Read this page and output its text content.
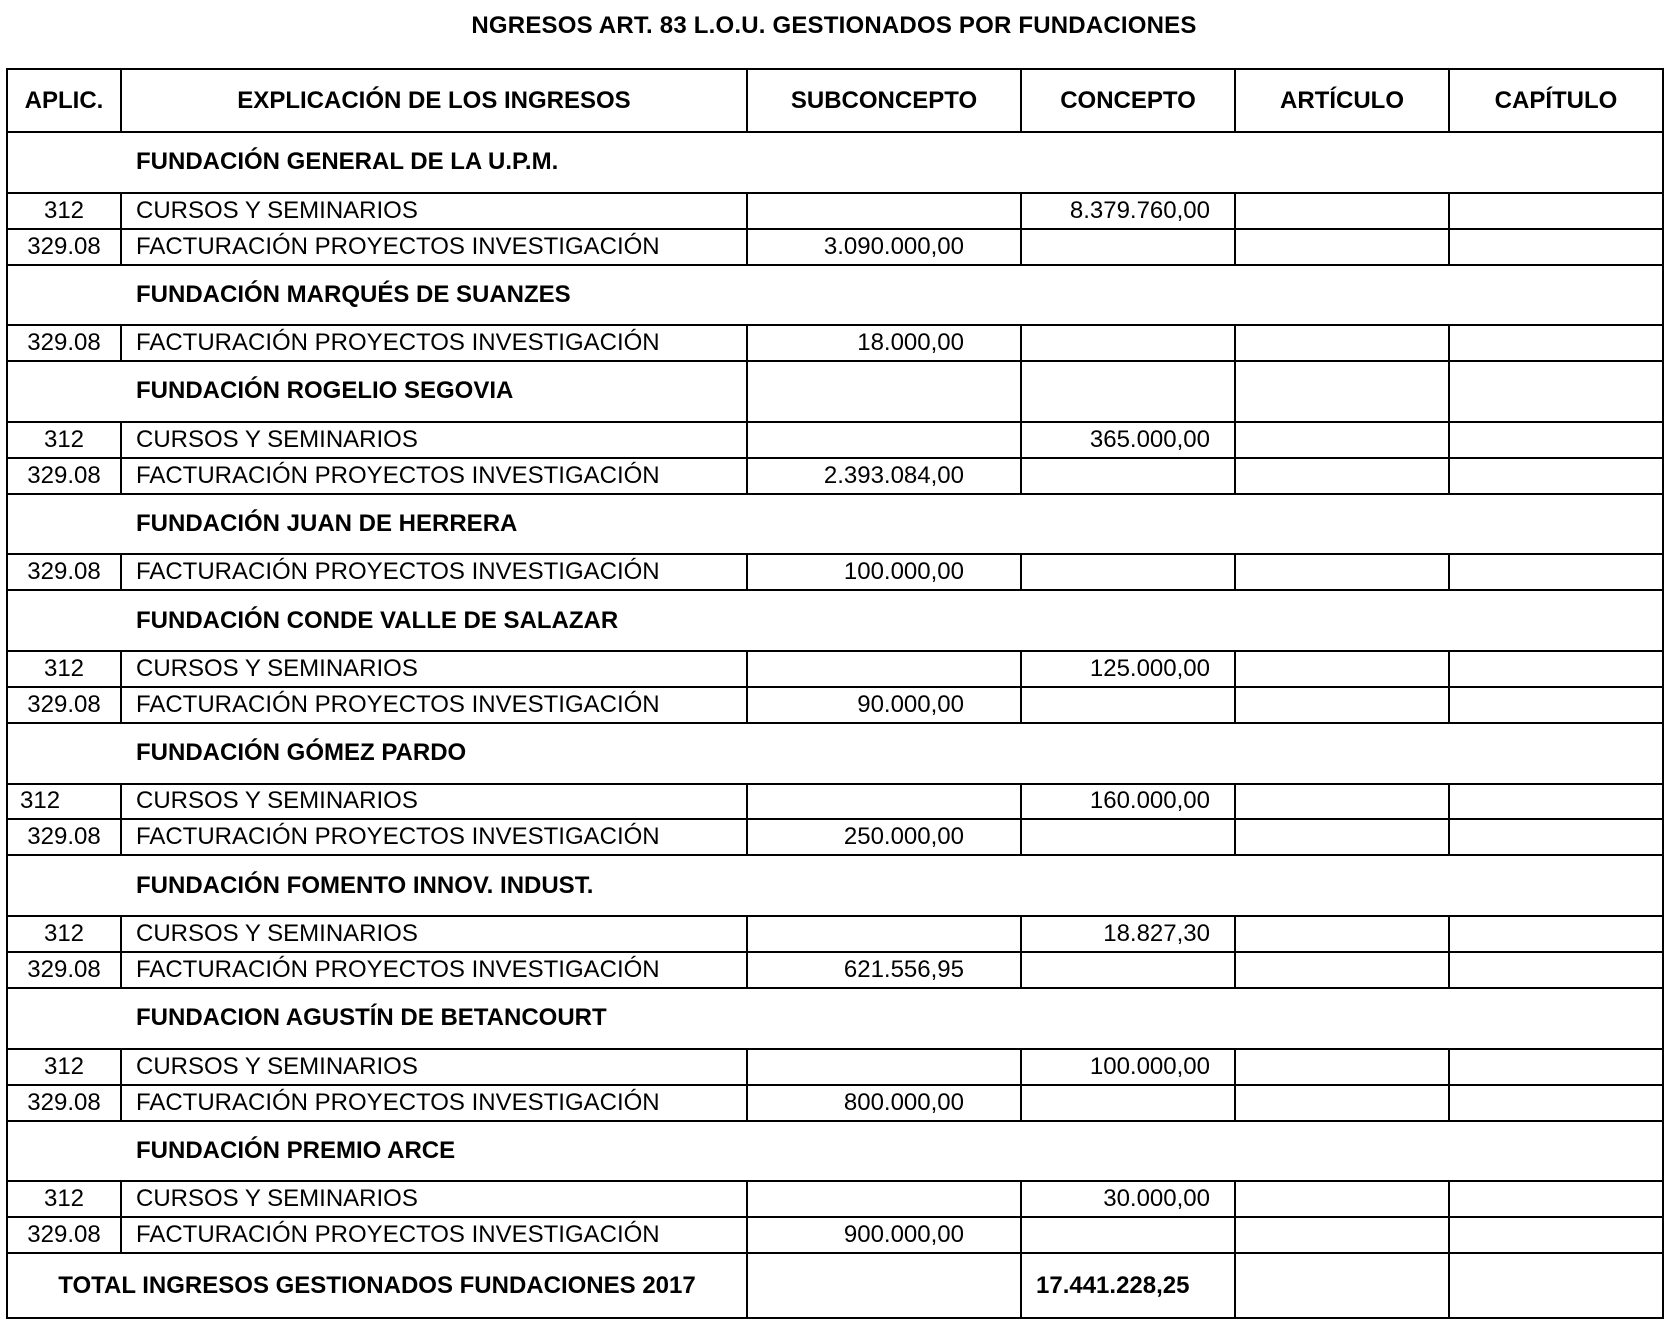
NGRESOS ART. 83 L.O.U. GESTIONADOS POR FUNDACIONES
APLIC.	EXPLICACIÓN DE LOS INGRESOS	SUBCONCEPTO	CONCEPTO	ARTÍCULO	CAPÍTULO
FUNDACIÓN GENERAL DE LA U.P.M.					
312	CURSOS Y SEMINARIOS		8.379.760,00		
329.08	FACTURACIÓN PROYECTOS INVESTIGACIÓN	3.090.000,00			
FUNDACIÓN MARQUÉS DE SUANZES					
329.08	FACTURACIÓN PROYECTOS INVESTIGACIÓN	18.000,00			
FUNDACIÓN ROGELIO SEGOVIA					
312	CURSOS Y SEMINARIOS		365.000,00		
329.08	FACTURACIÓN PROYECTOS INVESTIGACIÓN	2.393.084,00			
FUNDACIÓN JUAN DE HERRERA					
329.08	FACTURACIÓN PROYECTOS INVESTIGACIÓN	100.000,00			
FUNDACIÓN CONDE VALLE DE SALAZAR					
312	CURSOS Y SEMINARIOS		125.000,00		
329.08	FACTURACIÓN PROYECTOS INVESTIGACIÓN	90.000,00			
FUNDACIÓN GÓMEZ PARDO					
312	CURSOS Y SEMINARIOS		160.000,00		
329.08	FACTURACIÓN PROYECTOS INVESTIGACIÓN	250.000,00			
FUNDACIÓN FOMENTO INNOV. INDUST.					
312	CURSOS Y SEMINARIOS		18.827,30		
329.08	FACTURACIÓN PROYECTOS INVESTIGACIÓN	621.556,95			
FUNDACION AGUSTÍN DE BETANCOURT					
312	CURSOS Y SEMINARIOS		100.000,00		
329.08	FACTURACIÓN PROYECTOS INVESTIGACIÓN	800.000,00			
FUNDACIÓN PREMIO ARCE					
312	CURSOS Y SEMINARIOS		30.000,00		
329.08	FACTURACIÓN PROYECTOS INVESTIGACIÓN	900.000,00			
TOTAL INGRESOS GESTIONADOS FUNDACIONES 2017			17.441.228,25		
